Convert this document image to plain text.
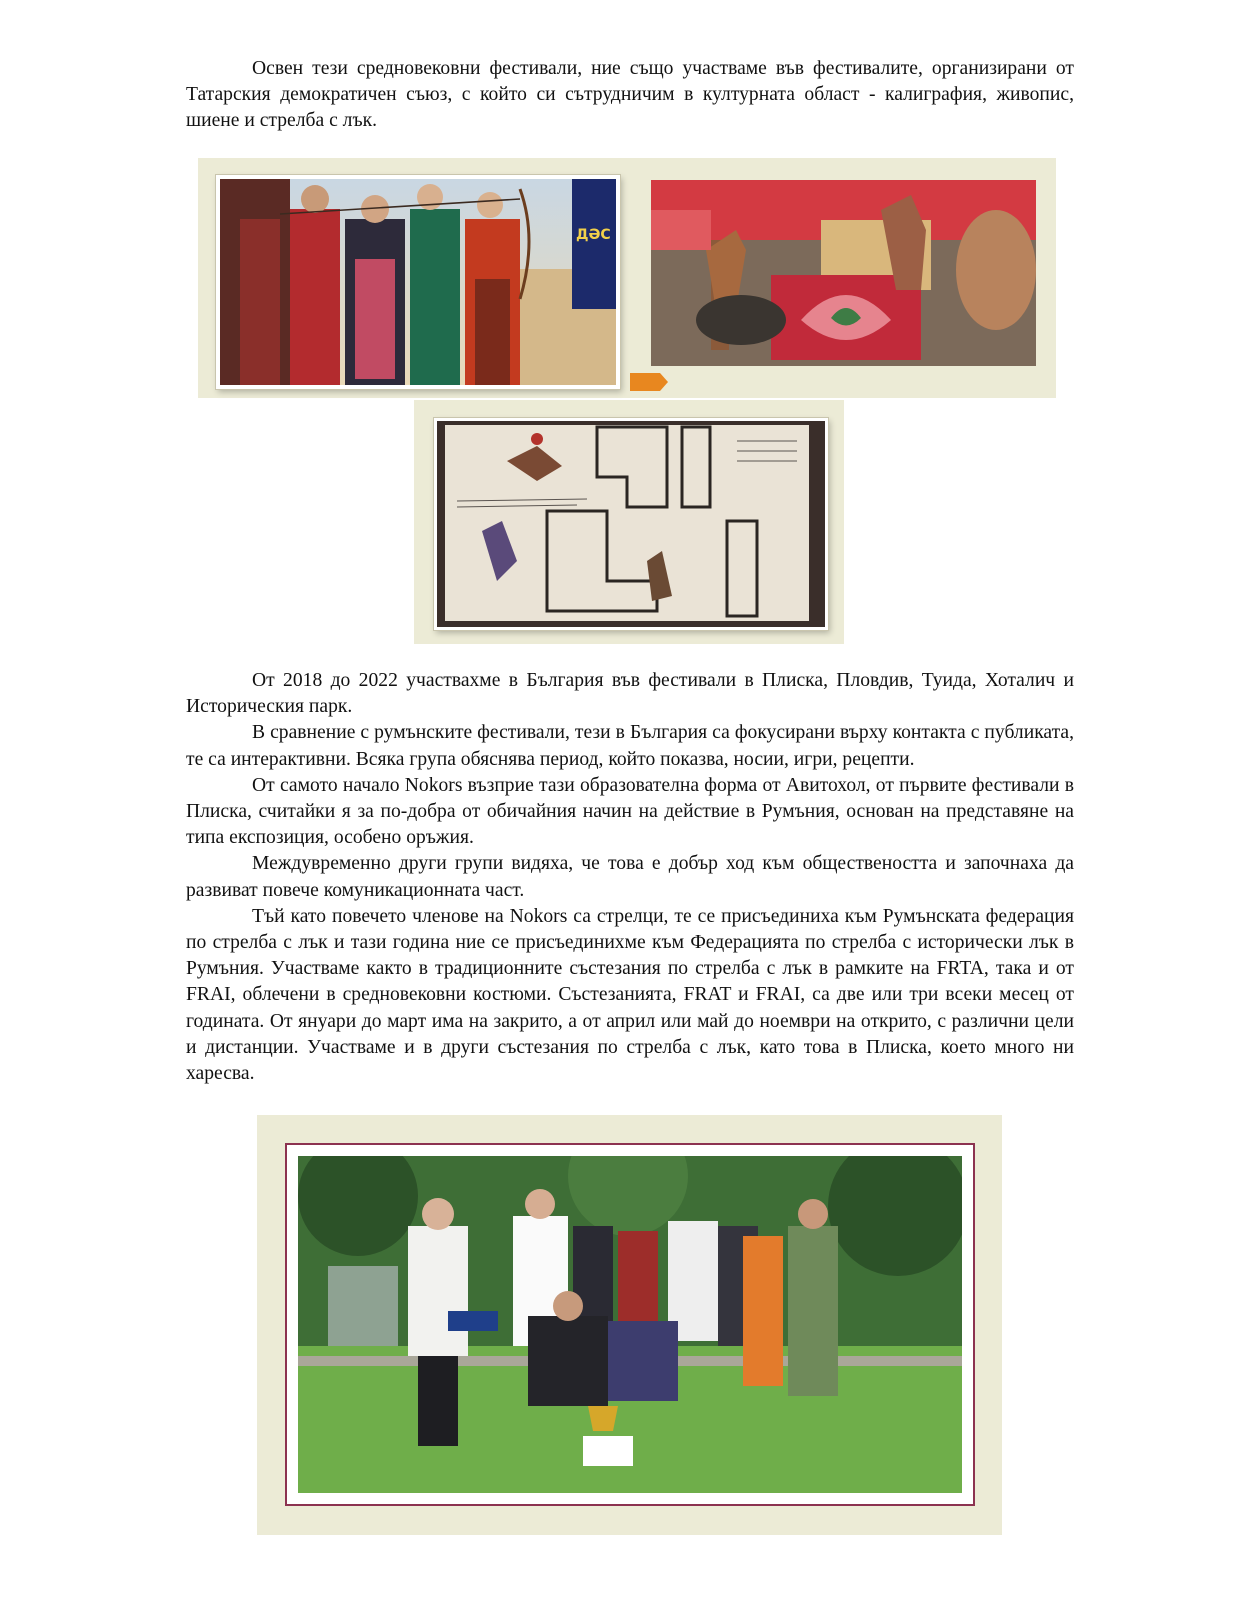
Освен тези средновековни фестивали, ние също участваме във фестивалите, организирани от Татарския демократичен съюз, с който си сътрудничим в културната област - калиграфия, живопис, шиене и стрелба с лък.

ДӘС

От 2018 до 2022 участвахме в България във фестивали в Плиска, Пловдив, Туида, Хоталич и Историческия парк.

В сравнение с румънските фестивали, тези в България са фокусирани върху контакта с публиката, те са интерактивни. Всяка група обяснява период, който показва, носии, игри, рецепти.

От самото начало Nokors възприе тази образователна форма от Авитохол, от първите фестивали в Плиска, считайки я за по-добра от обичайния начин на действие в Румъния, основан на представяне на типа експозиция, особено оръжия.

Междувременно други групи видяха, че това е добър ход към обществеността и започнаха да развиват повече комуникационната част.

Тъй като повечето членове на Nokors са стрелци, те се присъединиха към Румънската федерация по стрелба с лък и тази година ние се присъединихме към Федерацията по стрелба с исторически лък в Румъния. Участваме както в традиционните състезания по стрелба с лък в рамките на FRTA, така и от FRAI, облечени в средновековни костюми. Състезанията, FRAT и FRAI, са две или три всеки месец от годината. От януари до март има на закрито, а от април или май до ноември на открито, с различни цели и дистанции. Участваме и в други състезания по стрелба с лък, като това в Плиска, което много ни харесва.
